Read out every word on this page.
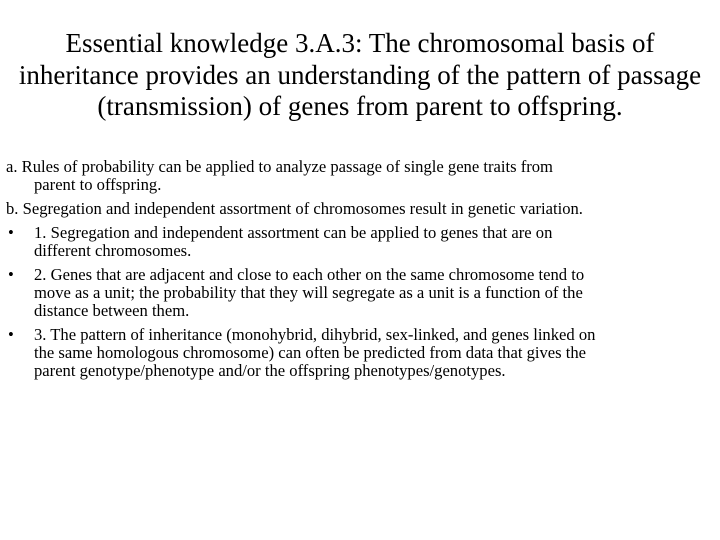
Essential knowledge 3.A.3: The chromosomal basis of
inheritance provides an understanding of the pattern of passage
(transmission) of genes from parent to offspring.
a. Rules of probability can be applied to analyze passage of single gene traits from
parent to offspring.
b. Segregation and independent assortment of chromosomes result in genetic variation.
• 1. Segregation and independent assortment can be applied to genes that are on
different chromosomes.
• 2. Genes that are adjacent and close to each other on the same chromosome tend to
move as a unit; the probability that they will segregate as a unit is a function of the
distance between them.
• 3. The pattern of inheritance (monohybrid, dihybrid, sex-linked, and genes linked on
the same homologous chromosome) can often be predicted from data that gives the
parent genotype/phenotype and/or the offspring phenotypes/genotypes.
